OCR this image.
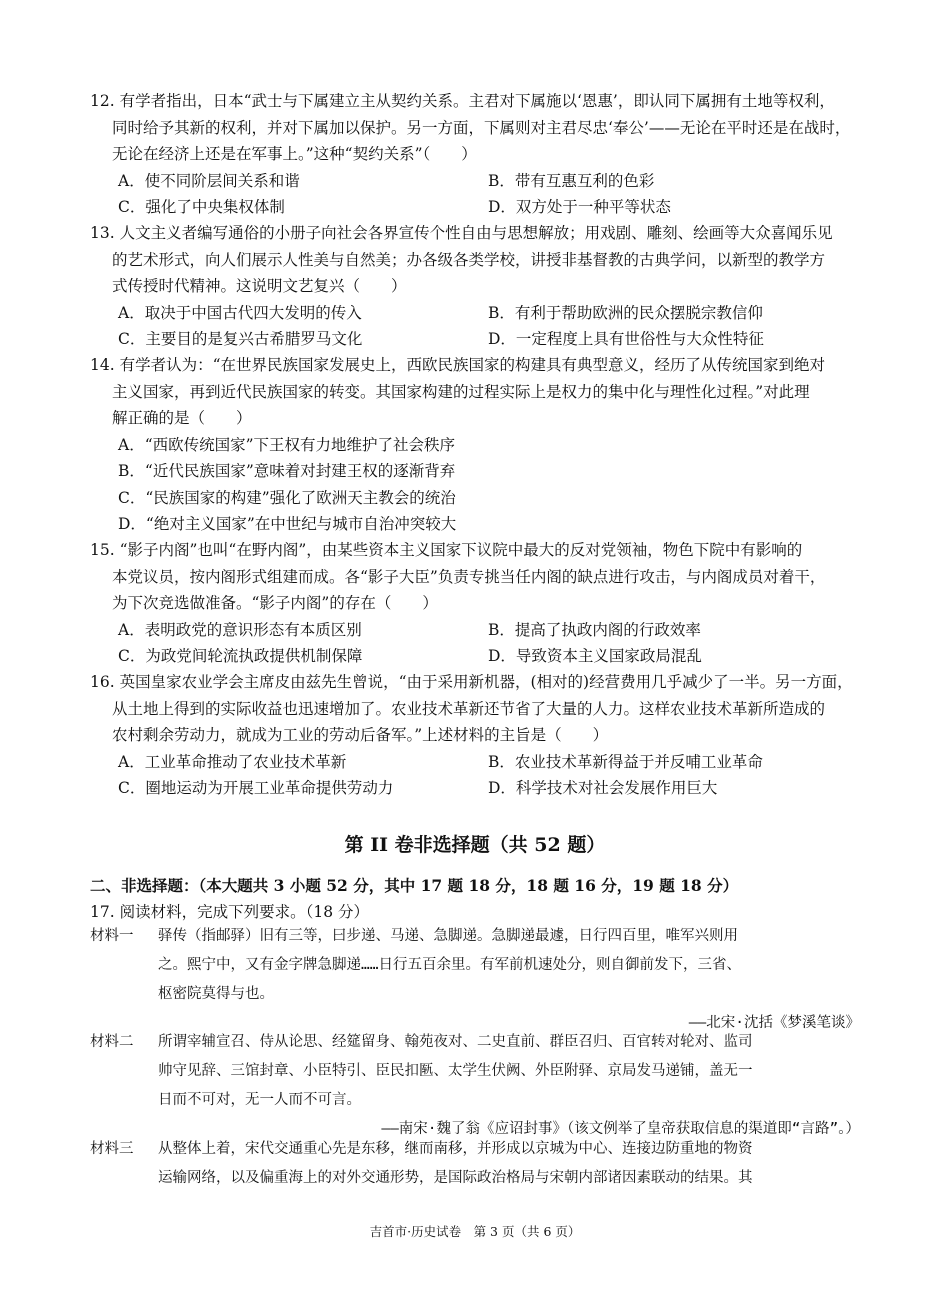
12. 有学者指出，日本“武士与下属建立主从契约关系。主君对下属施以‘恩惠’，即认同下属拥有土地等权利，
同时给予其新的权利，并对下属加以保护。另一方面，下属则对主君尽忠‘奉公’——无论在平时还是在战时，
无论在经济上还是在军事上。”这种“契约关系”（　　）

A．使不同阶层间关系和谐	B．带有互惠互利的色彩
C．强化了中央集权体制	D．双方处于一种平等状态

13. 人文主义者编写通俗的小册子向社会各界宣传个性自由与思想解放；用戏剧、雕刻、绘画等大众喜闻乐见
的艺术形式，向人们展示人性美与自然美；办各级各类学校，讲授非基督教的古典学问，以新型的教学方
式传授时代精神。这说明文艺复兴（　　）

A．取决于中国古代四大发明的传入	B．有利于帮助欧洲的民众摆脱宗教信仰
C．主要目的是复兴古希腊罗马文化	D．一定程度上具有世俗性与大众性特征

14. 有学者认为：“在世界民族国家发展史上，西欧民族国家的构建具有典型意义，经历了从传统国家到绝对
主义国家，再到近代民族国家的转变。其国家构建的过程实际上是权力的集中化与理性化过程。”对此理
解正确的是（　　）

A．“西欧传统国家”下王权有力地维护了社会秩序
B．“近代民族国家”意味着对封建王权的逐渐背弃
C．“民族国家的构建”强化了欧洲天主教会的统治
D．“绝对主义国家”在中世纪与城市自治冲突较大

15. “影子内阁”也叫“在野内阁”，由某些资本主义国家下议院中最大的反对党领袖，物色下院中有影响的
本党议员，按内阁形式组建而成。各“影子大臣”负责专挑当任内阁的缺点进行攻击，与内阁成员对着干，
为下次竞选做准备。“影子内阁”的存在（　　）

A．表明政党的意识形态有本质区别	B．提高了执政内阁的行政效率
C．为政党间轮流执政提供机制保障	D．导致资本主义国家政局混乱

16. 英国皇家农业学会主席皮由兹先生曾说，“由于采用新机器，(相对的)经营费用几乎减少了一半。另一方面，
从土地上得到的实际收益也迅速增加了。农业技术革新还节省了大量的人力。这样农业技术革新所造成的
农村剩余劳动力，就成为工业的劳动后备军。”上述材料的主旨是（　　）

A．工业革命推动了农业技术革新	B．农业技术革新得益于并反哺工业革命
C．圈地运动为开展工业革命提供劳动力	D．科学技术对社会发展作用巨大
第 II 卷非选择题（共 52 题）
二、非选择题：（本大题共 3 小题 52 分，其中 17 题 18 分，18 题 16 分，19 题 18 分）
17. 阅读材料，完成下列要求。（18 分）
材料一 驿传（指邮驿）旧有三等，曰步递、马递、急脚递。急脚递最遽，日行四百里，唯军兴则用
之。熙宁中，又有金字牌急脚递……日行五百余里。有军前机速处分，则自御前发下，三省、
枢密院莫得与也。
——北宋·沈括《梦溪笔谈》
材料二 所谓宰辅宣召、侍从论思、经筵留身、翰苑夜对、二史直前、群臣召归、百官转对轮对、监司
帅守见辞、三馆封章、小臣特引、臣民扣匦、太学生伏阙、外臣附驿、京局发马递铺，盖无一
日而不可对，无一人而不可言。
——南宋·魏了翁《应诏封事》（该文例举了皇帝获取信息的渠道即“言路”。）
材料三 从整体上着，宋代交通重心先是东移，继而南移，并形成以京城为中心、连接边防重地的物资
运输网络，以及偏重海上的对外交通形势，是国际政治格局与宋朝内部诸因素联动的结果。其
吉首市·历史试卷　第 3 页（共 6 页）
